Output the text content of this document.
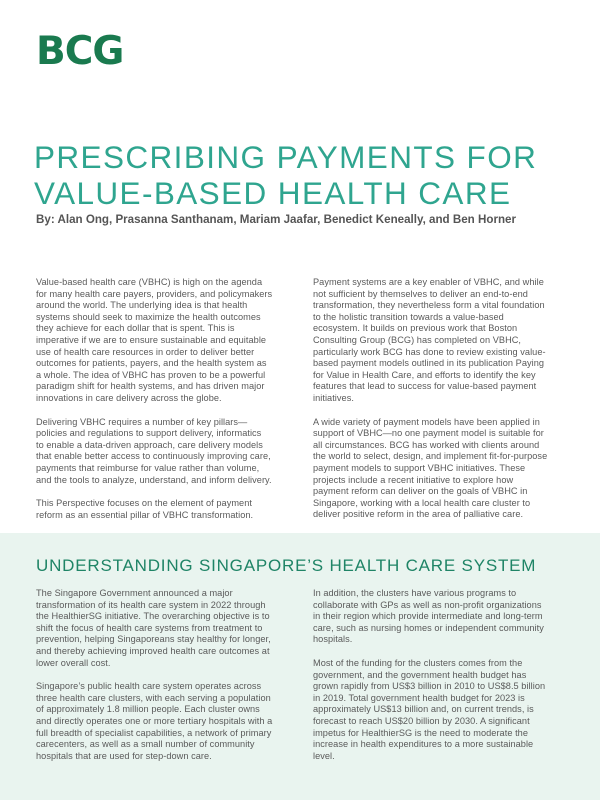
BCG
PRESCRIBING PAYMENTS FOR
VALUE-BASED HEALTH CARE
By: Alan Ong, Prasanna Santhanam, Mariam Jaafar, Benedict Keneally, and Ben Horner

Value-based health care (VBHC) is high on the agenda
for many health care payers, providers, and policymakers
around the world. The underlying idea is that health
systems should seek to maximize the health outcomes
they achieve for each dollar that is spent. This is
imperative if we are to ensure sustainable and equitable
use of health care resources in order to deliver better
outcomes for patients, payers, and the health system as
a whole. The idea of VBHC has proven to be a powerful
paradigm shift for health systems, and has driven major
innovations in care delivery across the globe.

Delivering VBHC requires a number of key pillars—
policies and regulations to support delivery, informatics
to enable a data-driven approach, care delivery models
that enable better access to continuously improving care,
payments that reimburse for value rather than volume,
and the tools to analyze, understand, and inform delivery.

This Perspective focuses on the element of payment
reform as an essential pillar of VBHC transformation.

Payment systems are a key enabler of VBHC, and while
not sufficient by themselves to deliver an end-to-end
transformation, they nevertheless form a vital foundation
to the holistic transition towards a value-based
ecosystem. It builds on previous work that Boston
Consulting Group (BCG) has completed on VBHC,
particularly work BCG has done to review existing value-
based payment models outlined in its publication Paying
for Value in Health Care, and efforts to identify the key
features that lead to success for value-based payment
initiatives.

A wide variety of payment models have been applied in
support of VBHC—no one payment model is suitable for
all circumstances. BCG has worked with clients around
the world to select, design, and implement fit-for-purpose
payment models to support VBHC initiatives. These
projects include a recent initiative to explore how
payment reform can deliver on the goals of VBHC in
Singapore, working with a local health care cluster to
deliver positive reform in the area of palliative care.

UNDERSTANDING SINGAPORE’S HEALTH CARE SYSTEM

The Singapore Government announced a major
transformation of its health care system in 2022 through
the HealthierSG initiative. The overarching objective is to
shift the focus of health care systems from treatment to
prevention, helping Singaporeans stay healthy for longer,
and thereby achieving improved health care outcomes at
lower overall cost.

Singapore’s public health care system operates across
three health care clusters, with each serving a population
of approximately 1.8 million people. Each cluster owns
and directly operates one or more tertiary hospitals with a
full breadth of specialist capabilities, a network of primary
carecenters, as well as a small number of community
hospitals that are used for step-down care.

In addition, the clusters have various programs to
collaborate with GPs as well as non-profit organizations
in their region which provide intermediate and long-term
care, such as nursing homes or independent community
hospitals.

Most of the funding for the clusters comes from the
government, and the government health budget has
grown rapidly from US$3 billion in 2010 to US$8.5 billion
in 2019. Total government health budget for 2023 is
approximately US$13 billion and, on current trends, is
forecast to reach US$20 billion by 2030. A significant
impetus for HealthierSG is the need to moderate the
increase in health expenditures to a more sustainable
level.
